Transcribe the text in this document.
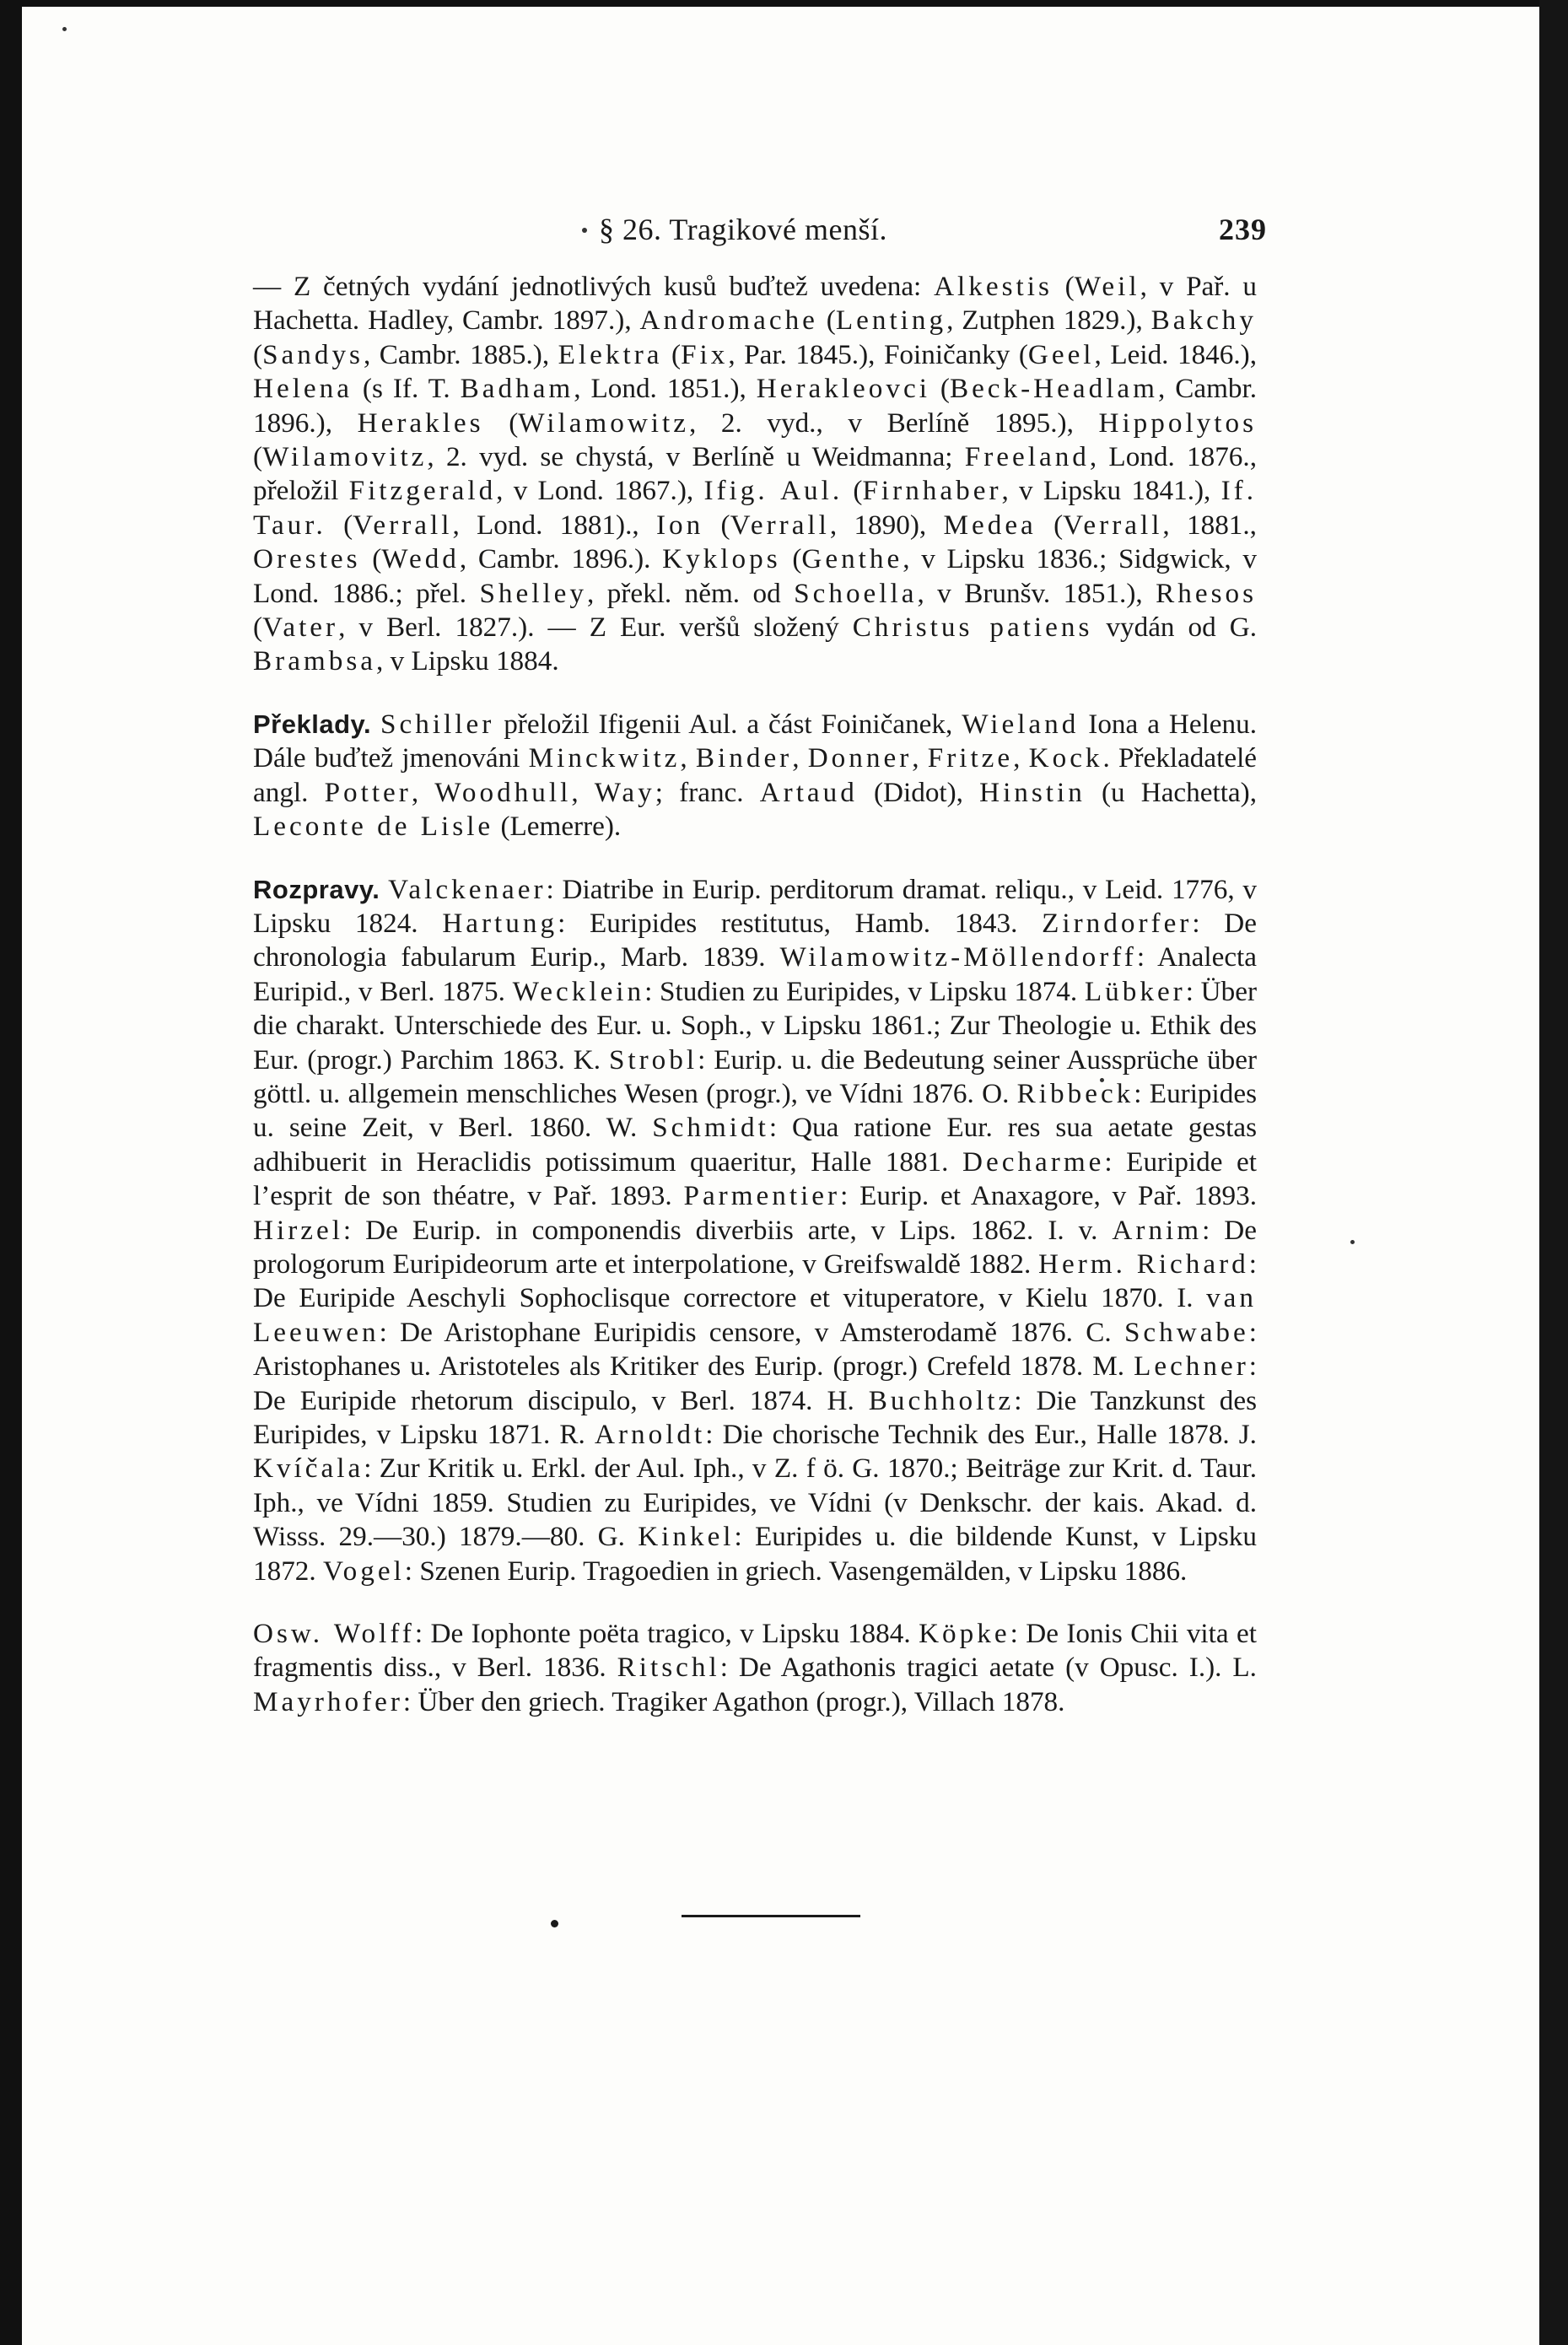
§ 26. Tragikové menší.	239

— Z četných vydání jednotlivých kusů buďtež uvedena: Alkestis (Weil, v Pař. u Hachetta. Hadley, Cambr. 1897.), Andromache (Lenting, Zutphen 1829.), Bakchy (Sandys, Cambr. 1885.), Elektra (Fix, Par. 1845.), Foiničanky (Geel, Leid. 1846.), Helena (s If. T. Badham, Lond. 1851.), Herakleovci (Beck-Headlam, Cambr. 1896.), Herakles (Wilamowitz, 2. vyd., v Berlíně 1895.), Hippolytos (Wilamovitz, 2. vyd. se chystá, v Berlíně u Weidmanna; Freeland, Lond. 1876., přeložil Fitzgerald, v Lond. 1867.), Ifig. Aul. (Firnhaber, v Lipsku 1841.), If. Taur. (Verrall, Lond. 1881)., Ion (Verrall, 1890), Medea (Verrall, 1881., Orestes (Wedd, Cambr. 1896.). Kyklops (Genthe, v Lipsku 1836.; Sidgwick, v Lond. 1886.; přel. Shelley, překl. něm. od Schoella, v Brunšv. 1851.), Rhesos (Vater, v Berl. 1827.). — Z Eur. veršů složený Christus patiens vydán od G. Brambsa, v Lipsku 1884.

Překlady. Schiller přeložil Ifigenii Aul. a část Foiničanek, Wieland Iona a Helenu. Dále buďtež jmenováni Minckwitz, Binder, Donner, Fritze, Kock. Překladatelé angl. Potter, Woodhull, Way; franc. Artaud (Didot), Hinstin (u Hachetta), Leconte de Lisle (Lemerre).

Rozpravy. Valckenaer: Diatribe in Eurip. perditorum dramat. reliqu., v Leid. 1776, v Lipsku 1824. Hartung: Euripides restitutus, Hamb. 1843. Zirndorfer: De chronologia fabularum Eurip., Marb. 1839. Wilamowitz-Möllendorff: Analecta Euripid., v Berl. 1875. Wecklein: Studien zu Euripides, v Lipsku 1874. Lübker: Über die charakt. Unterschiede des Eur. u. Soph., v Lipsku 1861.; Zur Theologie u. Ethik des Eur. (progr.) Parchim 1863. K. Strobl: Eurip. u. die Bedeutung seiner Aussprüche über göttl. u. allgemein menschliches Wesen (progr.), ve Vídni 1876. O. Ribbeck: Euripides u. seine Zeit, v Berl. 1860. W. Schmidt: Qua ratione Eur. res sua aetate gestas adhibuerit in Heraclidis potissimum quaeritur, Halle 1881. Decharme: Euripide et l’esprit de son théatre, v Pař. 1893. Parmentier: Eurip. et Anaxagore, v Pař. 1893. Hirzel: De Eurip. in componendis diverbiis arte, v Lips. 1862. I. v. Arnim: De prologorum Euripideorum arte et interpolatione, v Greifswaldě 1882. Herm. Richard: De Euripide Aeschyli Sophoclisque correctore et vituperatore, v Kielu 1870. I. van Leeuwen: De Aristophane Euripidis censore, v Amsterodamě 1876. C. Schwabe: Aristophanes u. Aristoteles als Kritiker des Eurip. (progr.) Crefeld 1878. M. Lechner: De Euripide rhetorum discipulo, v Berl. 1874. H. Buchholtz: Die Tanzkunst des Euripides, v Lipsku 1871. R. Arnoldt: Die chorische Technik des Eur., Halle 1878. J. Kvíčala: Zur Kritik u. Erkl. der Aul. Iph., v Z. f ö. G. 1870.; Beiträge zur Krit. d. Taur. Iph., ve Vídni 1859. Studien zu Euripides, ve Vídni (v Denkschr. der kais. Akad. d. Wisss. 29.—30.) 1879.—80. G. Kinkel: Euripides u. die bildende Kunst, v Lipsku 1872. Vogel: Szenen Eurip. Tragoedien in griech. Vasengemälden, v Lipsku 1886.

Osw. Wolff: De Iophonte poëta tragico, v Lipsku 1884. Köpke: De Ionis Chii vita et fragmentis diss., v Berl. 1836. Ritschl: De Agathonis tragici aetate (v Opusc. I.). L. Mayrhofer: Über den griech. Tragiker Agathon (progr.), Villach 1878.
